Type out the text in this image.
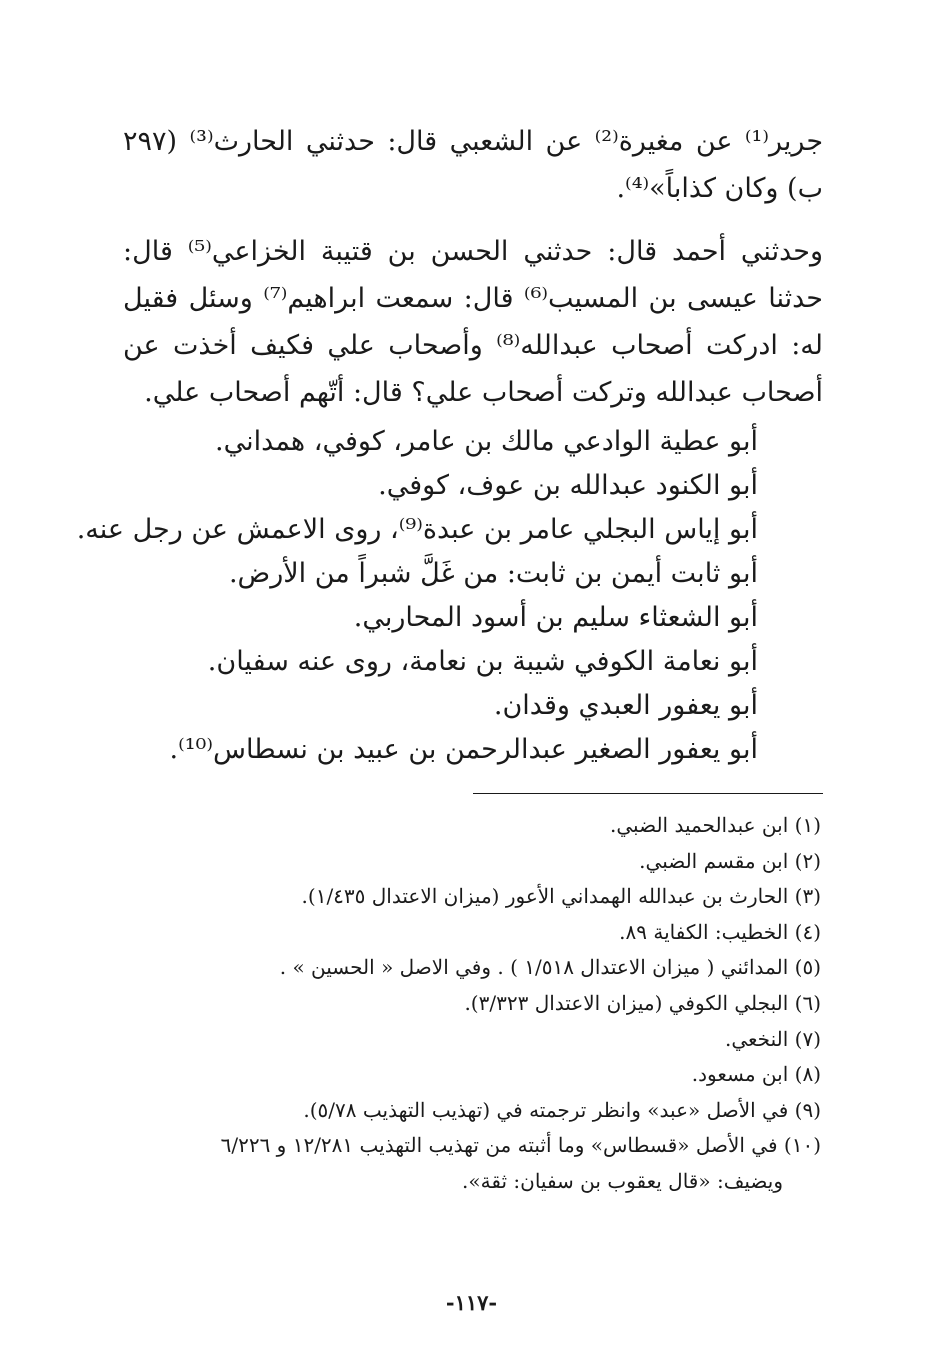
جرير⁽¹⁾ عن مغيرة⁽²⁾ عن الشعبي قال: حدثني الحارث⁽³⁾ (٢٩٧ ب) وكان كذاباً»⁽⁴⁾.

وحدثني أحمد قال: حدثني الحسن بن قتيبة الخزاعي⁽⁵⁾ قال: حدثنا عيسى بن المسيب⁽⁶⁾ قال: سمعت ابراهيم⁽⁷⁾ وسئل فقيل له: ادركت أصحاب عبدالله⁽⁸⁾ وأصحاب علي فكيف أخذت عن أصحاب عبدالله وتركت أصحاب علي؟ قال: أتّهم أصحاب علي.

أبو عطية الوادعي مالك بن عامر، كوفي، همداني.
أبو الكنود عبدالله بن عوف، كوفي.
أبو إياس البجلي عامر بن عبدة⁽⁹⁾، روى الاعمش عن رجل عنه.
أبو ثابت أيمن بن ثابت: من غَلَّ شبراً من الأرض.
أبو الشعثاء سليم بن أسود المحاربي.
أبو نعامة الكوفي شيبة بن نعامة، روى عنه سفيان.
أبو يعفور العبدي وقدان.
أبو يعفور الصغير عبدالرحمن بن عبيد بن نسطاس⁽¹⁰⁾.
(١) ابن عبدالحميد الضبي.
(٢) ابن مقسم الضبي.
(٣) الحارث بن عبدالله الهمداني الأعور (ميزان الاعتدال ١/٤٣٥).
(٤) الخطيب: الكفاية ٨٩.
(٥) المدائني ( ميزان الاعتدال ١/٥١٨ ) . وفي الاصل « الحسين » .
(٦) البجلي الكوفي (ميزان الاعتدال ٣/٣٢٣).
(٧) النخعي.
(٨) ابن مسعود.
(٩) في الأصل «عبد» وانظر ترجمته في (تهذيب التهذيب ٥/٧٨).
(١٠) في الأصل «قسطاس» وما أثبته من تهذيب التهذيب ١٢/٢٨١ و ٦/٢٢٦
ويضيف: «قال يعقوب بن سفيان: ثقة».
-١١٧-
